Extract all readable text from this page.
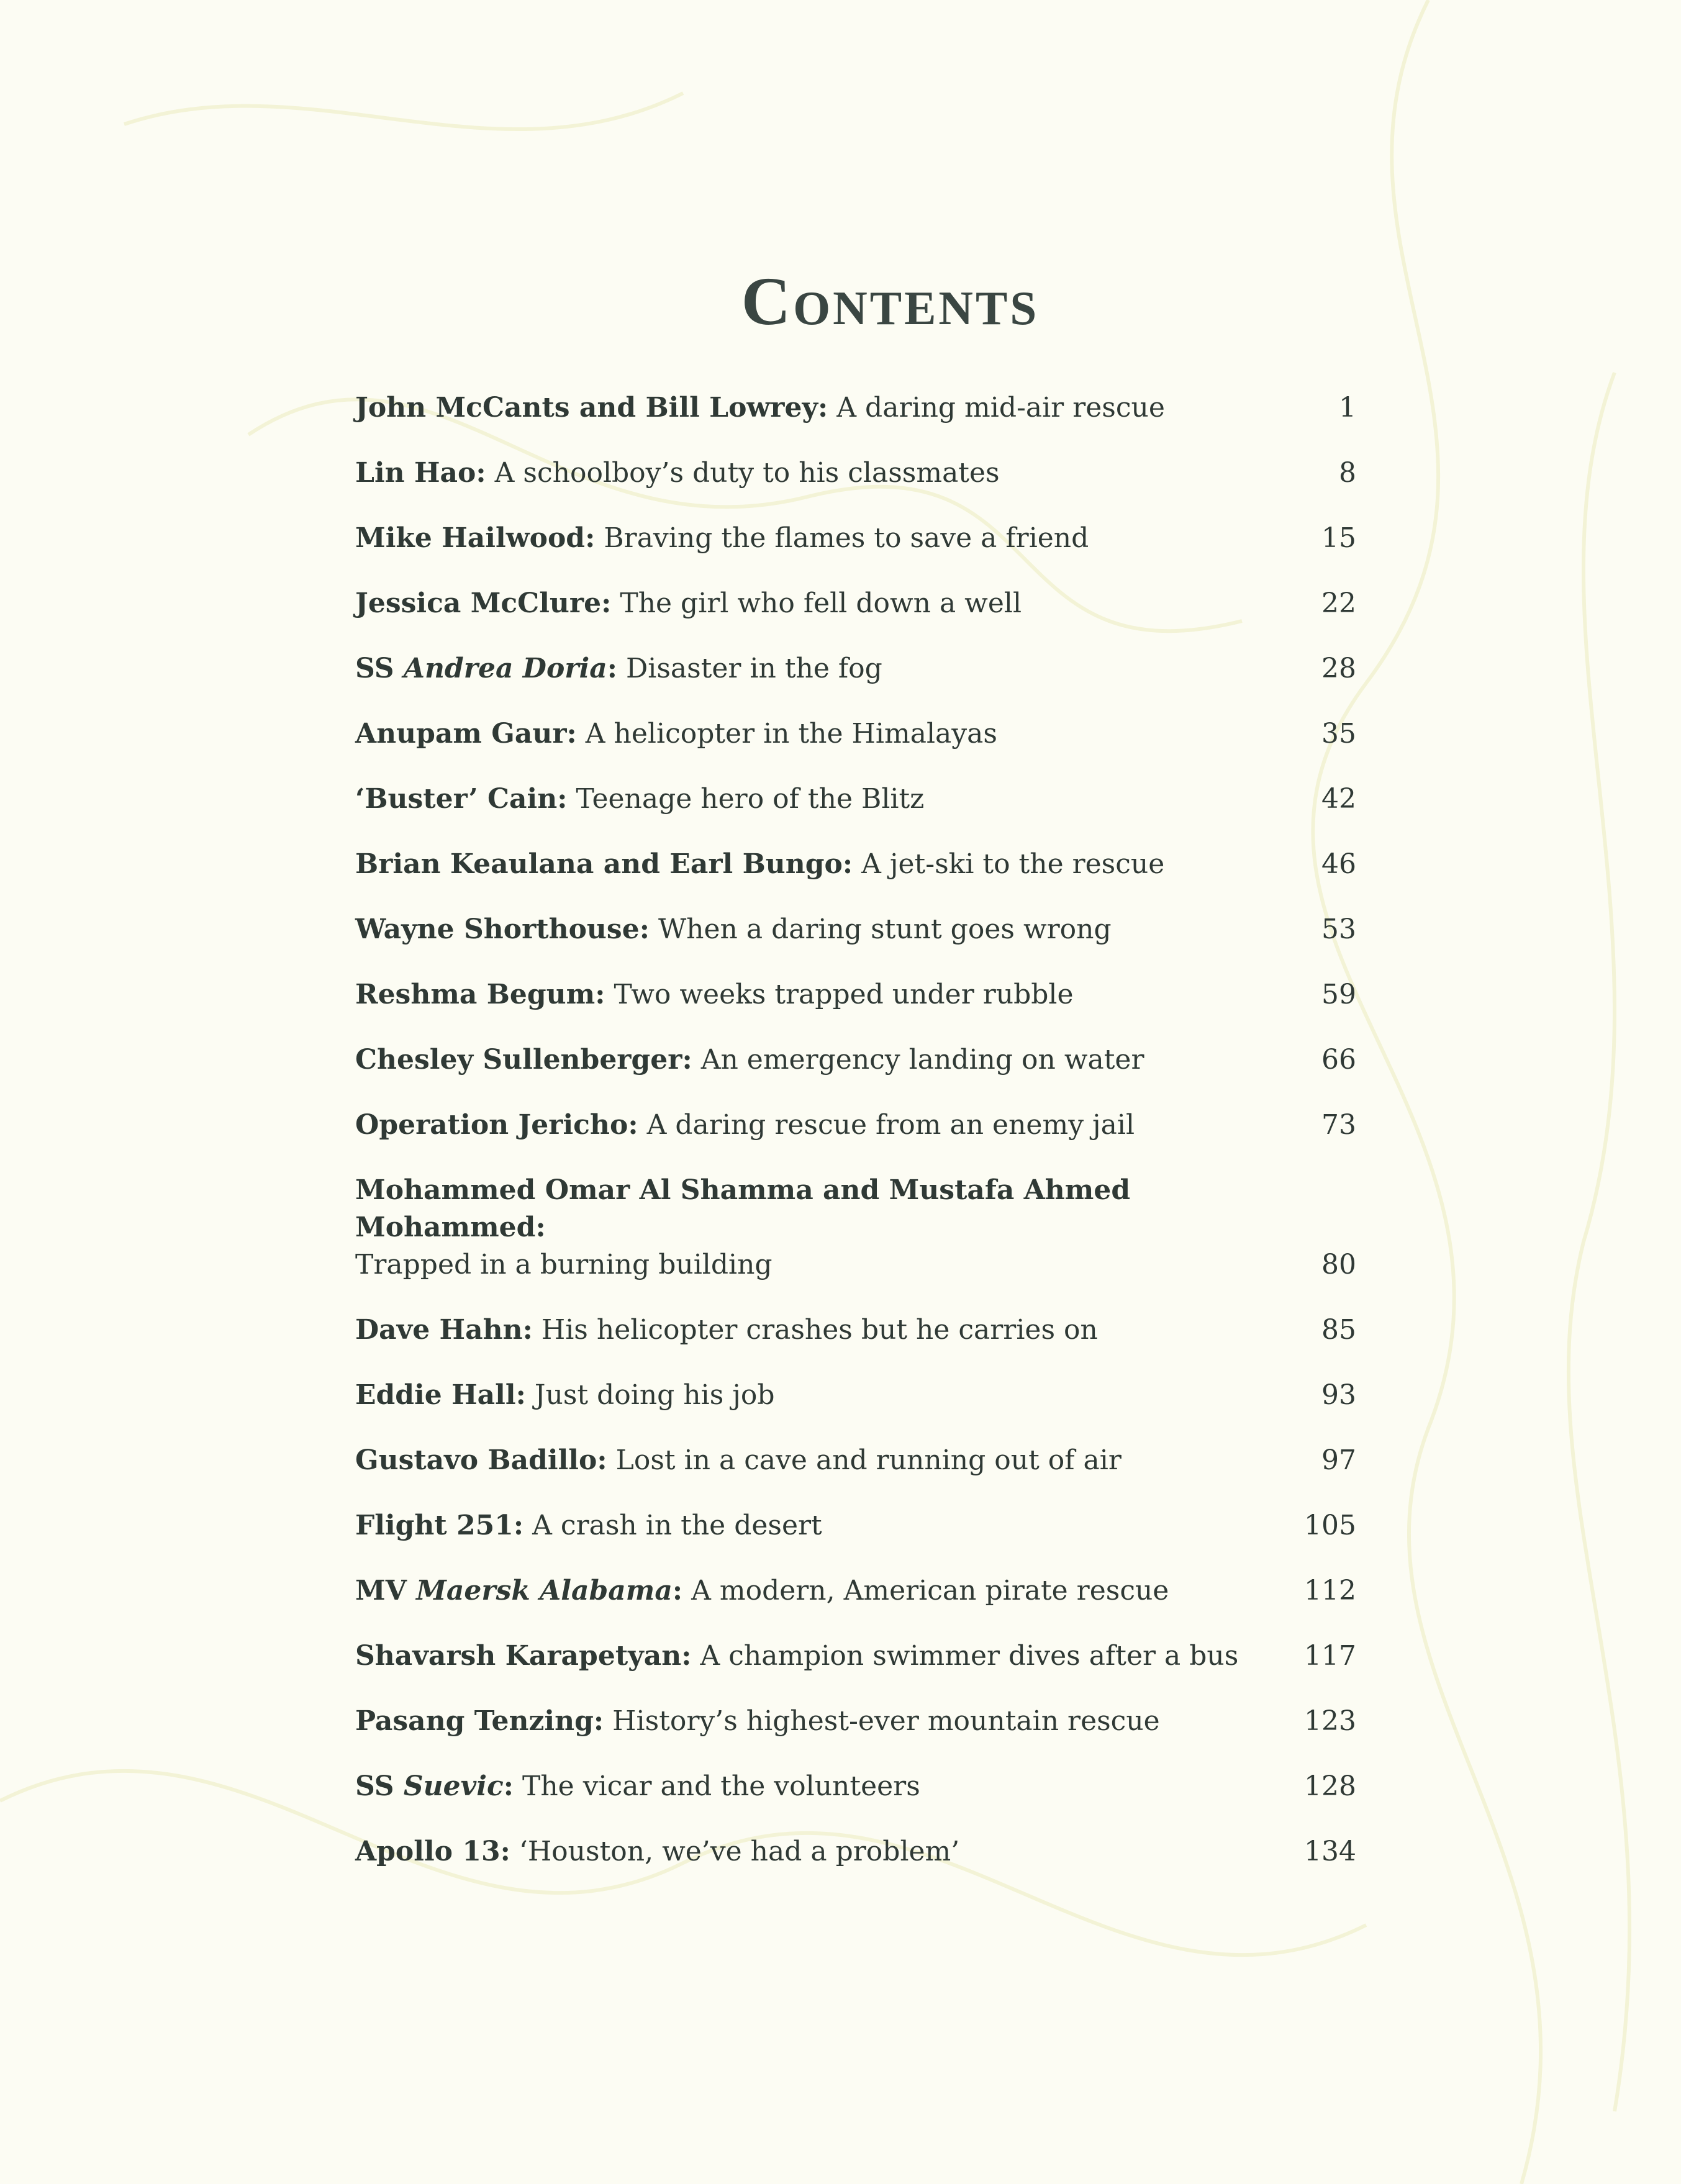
Contents
John McCants and Bill Lowrey: A daring mid-air rescue	1
Lin Hao: A schoolboy’s duty to his classmates	8
Mike Hailwood: Braving the flames to save a friend	15
Jessica McClure: The girl who fell down a well	22
SS Andrea Doria: Disaster in the fog	28
Anupam Gaur: A helicopter in the Himalayas	35
‘Buster’ Cain: Teenage hero of the Blitz	42
Brian Keaulana and Earl Bungo: A jet-ski to the rescue	46
Wayne Shorthouse: When a daring stunt goes wrong	53
Reshma Begum: Two weeks trapped under rubble	59
Chesley Sullenberger: An emergency landing on water	66
Operation Jericho: A daring rescue from an enemy jail	73
Mohammed Omar Al Shamma and Mustafa Ahmed Mohammed:
Trapped in a burning building	80
Dave Hahn: His helicopter crashes but he carries on	85
Eddie Hall: Just doing his job	93
Gustavo Badillo: Lost in a cave and running out of air	97
Flight 251: A crash in the desert	105
MV Maersk Alabama: A modern, American pirate rescue	112
Shavarsh Karapetyan: A champion swimmer dives after a bus	117
Pasang Tenzing: History’s highest-ever mountain rescue	123
SS Suevic: The vicar and the volunteers	128
Apollo 13: ‘Houston, we’ve had a problem’	134
